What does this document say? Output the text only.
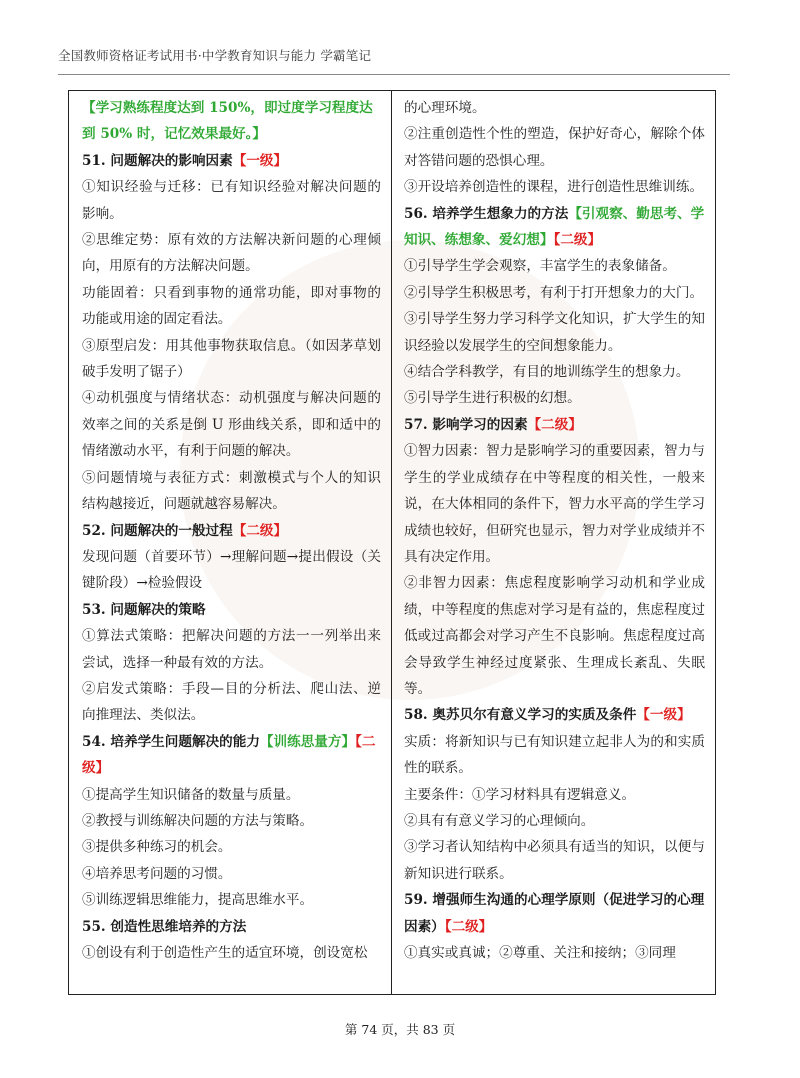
全国教师资格证考试用书·中学教育知识与能力 学霸笔记

【学习熟练程度达到 150%，即过度学习程度达到 50% 时，记忆效果最好。】

51. 问题解决的影响因素【一级】

①知识经验与迁移：已有知识经验对解决问题的影响。

②思维定势：原有效的方法解决新问题的心理倾向，用原有的方法解决问题。

功能固着：只看到事物的通常功能，即对事物的功能或用途的固定看法。

③原型启发：用其他事物获取信息。（如因茅草划破手发明了锯子）

④动机强度与情绪状态：动机强度与解决问题的效率之间的关系是倒 U 形曲线关系，即和适中的情绪激动水平，有利于问题的解决。

⑤问题情境与表征方式：刺激模式与个人的知识结构越接近，问题就越容易解决。

52. 问题解决的一般过程【二级】

发现问题（首要环节）→理解问题→提出假设（关键阶段）→检验假设

53. 问题解决的策略

①算法式策略：把解决问题的方法一一列举出来尝试，选择一种最有效的方法。

②启发式策略：手段—目的分析法、爬山法、逆向推理法、类似法。

54. 培养学生问题解决的能力【训练思量方】【二级】

①提高学生知识储备的数量与质量。

②教授与训练解决问题的方法与策略。

③提供多种练习的机会。

④培养思考问题的习惯。

⑤训练逻辑思维能力，提高思维水平。

55. 创造性思维培养的方法

①创设有利于创造性产生的适宜环境，创设宽松

的心理环境。

②注重创造性个性的塑造，保护好奇心，解除个体对答错问题的恐惧心理。

③开设培养创造性的课程，进行创造性思维训练。

56. 培养学生想象力的方法【引观察、勤思考、学知识、练想象、爱幻想】【二级】

①引导学生学会观察，丰富学生的表象储备。

②引导学生积极思考，有利于打开想象力的大门。

③引导学生努力学习科学文化知识，扩大学生的知识经验以发展学生的空间想象能力。

④结合学科教学，有目的地训练学生的想象力。

⑤引导学生进行积极的幻想。

57. 影响学习的因素【二级】

①智力因素：智力是影响学习的重要因素，智力与学生的学业成绩存在中等程度的相关性，一般来说，在大体相同的条件下，智力水平高的学生学习成绩也较好，但研究也显示，智力对学业成绩并不具有决定作用。

②非智力因素：焦虑程度影响学习动机和学业成绩，中等程度的焦虑对学习是有益的，焦虑程度过低或过高都会对学习产生不良影响。焦虑程度过高会导致学生神经过度紧张、生理成长紊乱、失眠等。

58. 奥苏贝尔有意义学习的实质及条件【一级】

实质：将新知识与已有知识建立起非人为的和实质性的联系。

主要条件：①学习材料具有逻辑意义。

②具有有意义学习的心理倾向。

③学习者认知结构中必须具有适当的知识，以便与新知识进行联系。

59. 增强师生沟通的心理学原则（促进学习的心理因素）【二级】

①真实或真诚；②尊重、关注和接纳；③同理

第 74 页，共 83 页
